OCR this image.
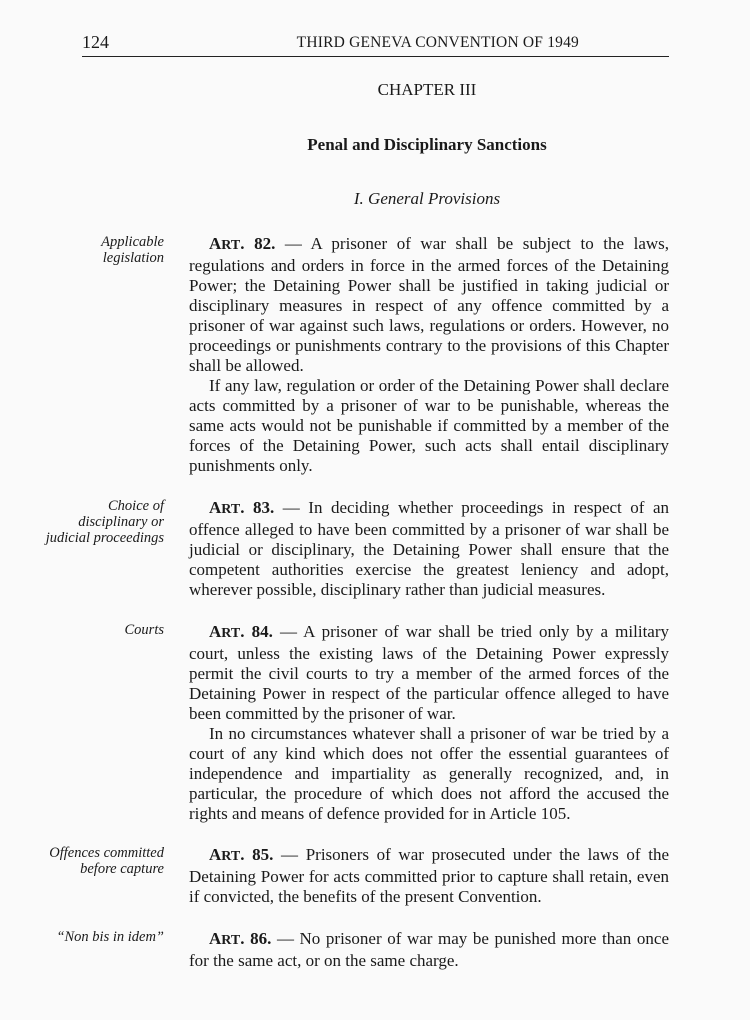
124	THIRD GENEVA CONVENTION OF 1949
CHAPTER III
Penal and Disciplinary Sanctions
I. General Provisions
Applicable legislation

ART. 82. — A prisoner of war shall be subject to the laws, regulations and orders in force in the armed forces of the Detaining Power; the Detaining Power shall be justified in taking judicial or disciplinary measures in respect of any offence committed by a prisoner of war against such laws, regulations or orders. However, no proceedings or punishments contrary to the provisions of this Chapter shall be allowed.

If any law, regulation or order of the Detaining Power shall declare acts committed by a prisoner of war to be punishable, whereas the same acts would not be punishable if committed by a member of the forces of the Detaining Power, such acts shall entail disciplinary punishments only.

Choice of disciplinary or judicial proceedings

ART. 83. — In deciding whether proceedings in respect of an offence alleged to have been committed by a prisoner of war shall be judicial or disciplinary, the Detaining Power shall ensure that the competent authorities exercise the greatest leniency and adopt, wherever possible, disciplinary rather than judicial measures.

Courts	ART. 84. — A prisoner of war shall be tried only by a military court, unless the existing laws of the Detaining Power expressly permit the civil courts to try a member of the armed forces of the Detaining Power in respect of the particular offence alleged to have been committed by the prisoner of war.

In no circumstances whatever shall a prisoner of war be tried by a court of any kind which does not offer the essential guarantees of independence and impartiality as generally recognized, and, in particular, the procedure of which does not afford the accused the rights and means of defence provided for in Article 105.

Offences committed before capture

ART. 85. — Prisoners of war prosecuted under the laws of the Detaining Power for acts committed prior to capture shall retain, even if convicted, the benefits of the present Convention.

“Non bis in idem”	ART. 86. — No prisoner of war may be punished more than once for the same act, or on the same charge.
